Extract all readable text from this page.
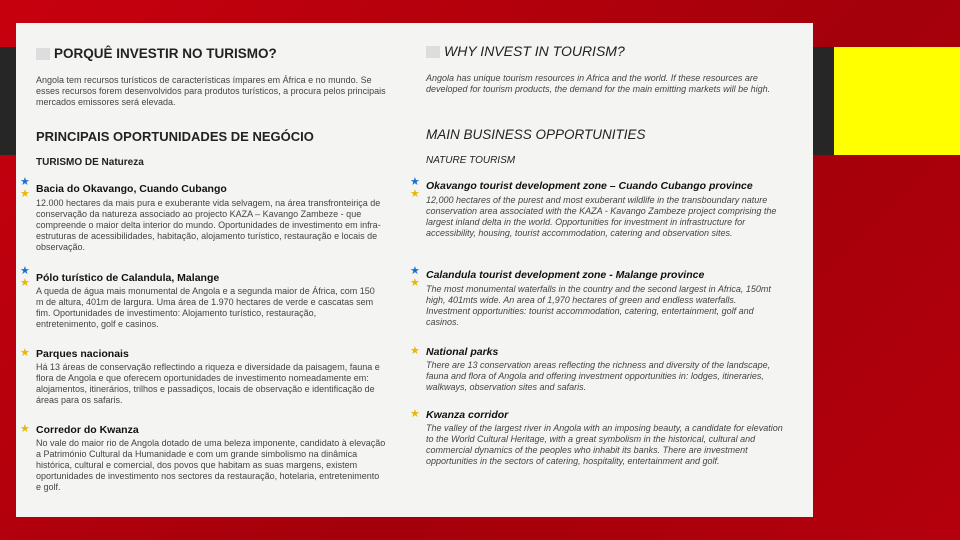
PORQUÊ INVESTIR NO TURISMO?

Angola tem recursos turísticos de características ímpares em África e no mundo. Se esses recursos forem desenvolvidos para produtos turísticos, a procura pelos principais mercados emissores será elevada.

PRINCIPAIS OPORTUNIDADES DE NEGÓCIO

TURISMO DE Natureza

★
★ Bacia do Okavango, Cuando Cubango

12.000 hectares da mais pura e exuberante vida selvagem, na área transfronteiriça de conservação da natureza associado ao projecto KAZA – Kavango Zambeze - que compreende o maior delta interior do mundo. Oportunidades de investimento em infra-estruturas de acessibilidades, habitação, alojamento turístico, restauração e locais de observação.

★
★ Pólo turístico de Calandula, Malange

A queda de água mais monumental de Angola e a segunda maior de África, com 150 m de altura, 401m de largura. Uma área de 1.970 hectares de verde e cascatas sem fim. Oportunidades de investimento: Alojamento turístico, restauração, entretenimento, golf e casinos.

★ Parques nacionais

Há 13 áreas de conservação reflectindo a riqueza e diversidade da paisagem, fauna e flora de Angola e que oferecem oportunidades de investimento nomeadamente em: alojamentos, itinerários, trilhos e passadiços, locais de observação e identificação de áreas para os safaris.

★ Corredor do Kwanza

No vale do maior rio de Angola dotado de uma beleza imponente, candidato à elevação a Património Cultural da Humanidade e com um grande simbolismo na dinâmica histórica, cultural e comercial, dos povos que habitam as suas margens, existem oportunidades de investimento nos sectores da restauração, hotelaria, entretenimento e golf.

WHY INVEST IN TOURISM?

Angola has unique tourism resources in Africa and the world. If these resources are developed for tourism products, the demand for the main emitting markets will be high.

MAIN BUSINESS OPPORTUNITIES

NATURE TOURISM

★
★

Okavango tourist development zone – Cuando Cubango province

12,000 hectares of the purest and most exuberant wildlife in the transboundary nature conservation area associated with the KAZA - Kavango Zambeze project comprising the largest inland delta in the world. Opportunities for investment in infrastructure for accessibility, housing, tourist accommodation, catering and observation sites.

★
★

Calandula tourist development zone - Malange province

The most monumental waterfalls in the country and the second largest in Africa, 150mt high, 401mts wide. An area of 1,970 hectares of green and endless waterfalls. Investment opportunities: tourist accommodation, catering, entertainment, golf and casinos.

★ National parks

There are 13 conservation areas reflecting the richness and diversity of the landscape, fauna and flora of Angola and offering investment opportunities in: lodges, itineraries, walkways, observation sites and safaris.

★ Kwanza corridor

The valley of the largest river in Angola with an imposing beauty, a candidate for elevation to the World Cultural Heritage, with a great symbolism in the historical, cultural and commercial dynamics of the peoples who inhabit its banks. There are investment opportunities in the sectors of catering, hospitality, entertainment and golf.
